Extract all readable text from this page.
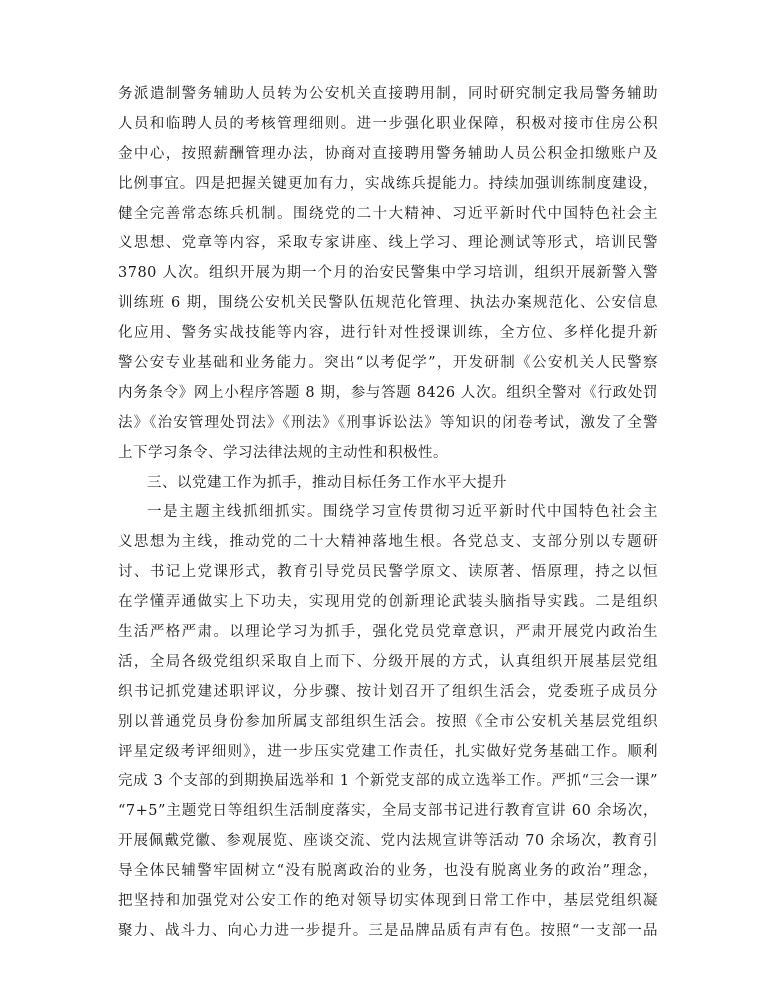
务派遣制警务辅助人员转为公安机关直接聘用制，同时研究制定我局警务辅助
人员和临聘人员的考核管理细则。进一步强化职业保障，积极对接市住房公积
金中心，按照薪酬管理办法，协商对直接聘用警务辅助人员公积金扣缴账户及
比例事宜。四是把握关键更加有力，实战练兵提能力。持续加强训练制度建设，
健全完善常态练兵机制。围绕党的二十大精神、习近平新时代中国特色社会主
义思想、党章等内容，采取专家讲座、线上学习、理论测试等形式，培训民警
3780 人次。组织开展为期一个月的治安民警集中学习培训，组织开展新警入警
训练班 6 期，围绕公安机关民警队伍规范化管理、执法办案规范化、公安信息
化应用、警务实战技能等内容，进行针对性授课训练，全方位、多样化提升新
警公安专业基础和业务能力。突出“以考促学”，开发研制《公安机关人民警察
内务条令》网上小程序答题 8 期，参与答题 8426 人次。组织全警对《行政处罚
法》《治安管理处罚法》《刑法》《刑事诉讼法》等知识的闭卷考试，激发了全警
上下学习条令、学习法律法规的主动性和积极性。
三、以党建工作为抓手，推动目标任务工作水平大提升
一是主题主线抓细抓实。围绕学习宣传贯彻习近平新时代中国特色社会主
义思想为主线，推动党的二十大精神落地生根。各党总支、支部分别以专题研
讨、书记上党课形式，教育引导党员民警学原文、读原著、悟原理，持之以恒
在学懂弄通做实上下功夫，实现用党的创新理论武装头脑指导实践。二是组织
生活严格严肃。以理论学习为抓手，强化党员党章意识，严肃开展党内政治生
活，全局各级党组织采取自上而下、分级开展的方式，认真组织开展基层党组
织书记抓党建述职评议，分步骤、按计划召开了组织生活会，党委班子成员分
别以普通党员身份参加所属支部组织生活会。按照《全市公安机关基层党组织
评星定级考评细则》，进一步压实党建工作责任，扎实做好党务基础工作。顺利
完成 3 个支部的到期换届选举和 1 个新党支部的成立选举工作。严抓“三会一课”
“7+5”主题党日等组织生活制度落实，全局支部书记进行教育宣讲 60 余场次，
开展佩戴党徽、参观展览、座谈交流、党内法规宣讲等活动 70 余场次，教育引
导全体民辅警牢固树立“没有脱离政治的业务，也没有脱离业务的政治”理念，
把坚持和加强党对公安工作的绝对领导切实体现到日常工作中，基层党组织凝
聚力、战斗力、向心力进一步提升。三是品牌品质有声有色。按照“一支部一品
